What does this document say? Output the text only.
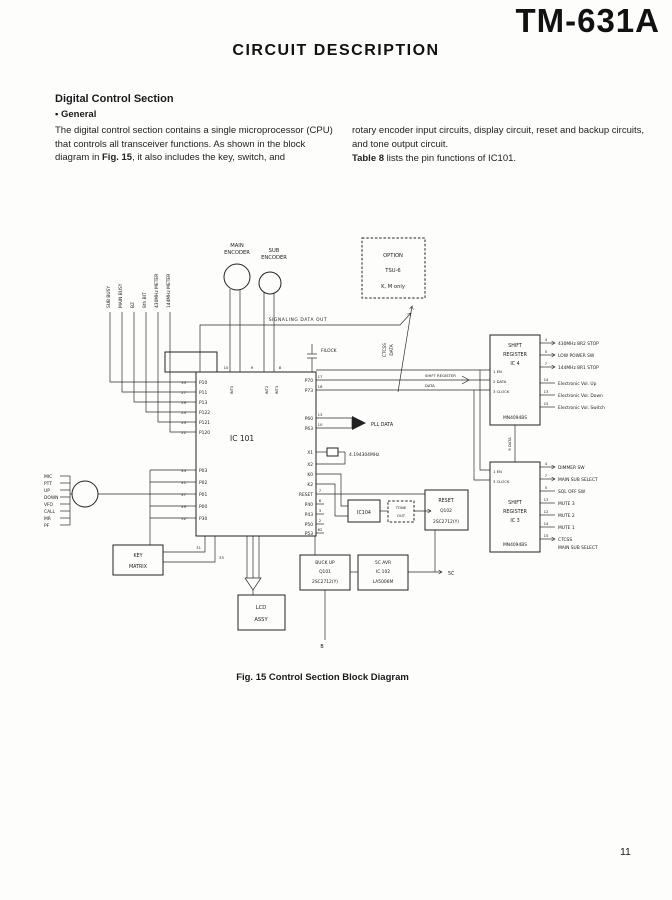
TM-631A
CIRCUIT DESCRIPTION
Digital Control Section
• General

The digital control section contains a single microprocessor (CPU) that controls all transceiver functions. As shown in the block diagram in Fig. 15, it also includes the key, switch, and

rotary encoder input circuits, display circuit, reset and backup circuits, and tone output circuit.

Table 8 lists the pin functions of IC101.

MAIN
ENCODER	SUB
ENCODER	OPTION
TSU-6
K, M only
SUB BUSY MAIN BUSY BZ 8th BIT 430MHz METER 144MHz METER
SIGNALING DATA OUT
FILOCK	CTCSS DATA
SHIFT REGISTER
DATA
IC 101
10	9	8
INT0	INT2 INT3
33	P10
27	P11
29	P13
24	P122
23	P121
21	P120
44	P03
41	P02
47	P01
49	P00
52	P30
31
33
P70
17
P73
16
P60
13
P63
10
X1
X2
K0
K2
RESET
7
P40
6
P43
3
P50
2
P53
62
PLL DATA
4.194304MHz
IC104
TONE
OUT
RESET
Q102
2SC2712(Y)
SHIFT
REGISTER
IC 4
1 EN
2 DATA
3 CLOCK
MN4094BS
4
430MHz 8R2 STOP
5
LOW POWER SW
7
144MHz 8R1 STOP
14
Electronic Vol. Up
13
Electronic Vol. Down
15
Electronic Vol. Switch
9 DATA
1 EN
3 CLOCK
SHIFT
REGISTER
IC 3
MN4094BS
4
DIMMER SW
7
MAIN SUB SELECT
5
SQL OFF SW
13
MUTE 3
12
MUTE 2
14
MUTE 1
15
CTCSS
MAIN SUB SELECT
MIC
PTT
UP
DOWN
VFO
CALL
MR
PF
KEY
MATRIX
LCD
ASSY
BUCK UP
Q101
2SC2712(Y)
5C AVR
IC 102
LA5006M
5C
B
Fig. 15 Control Section Block Diagram
11
